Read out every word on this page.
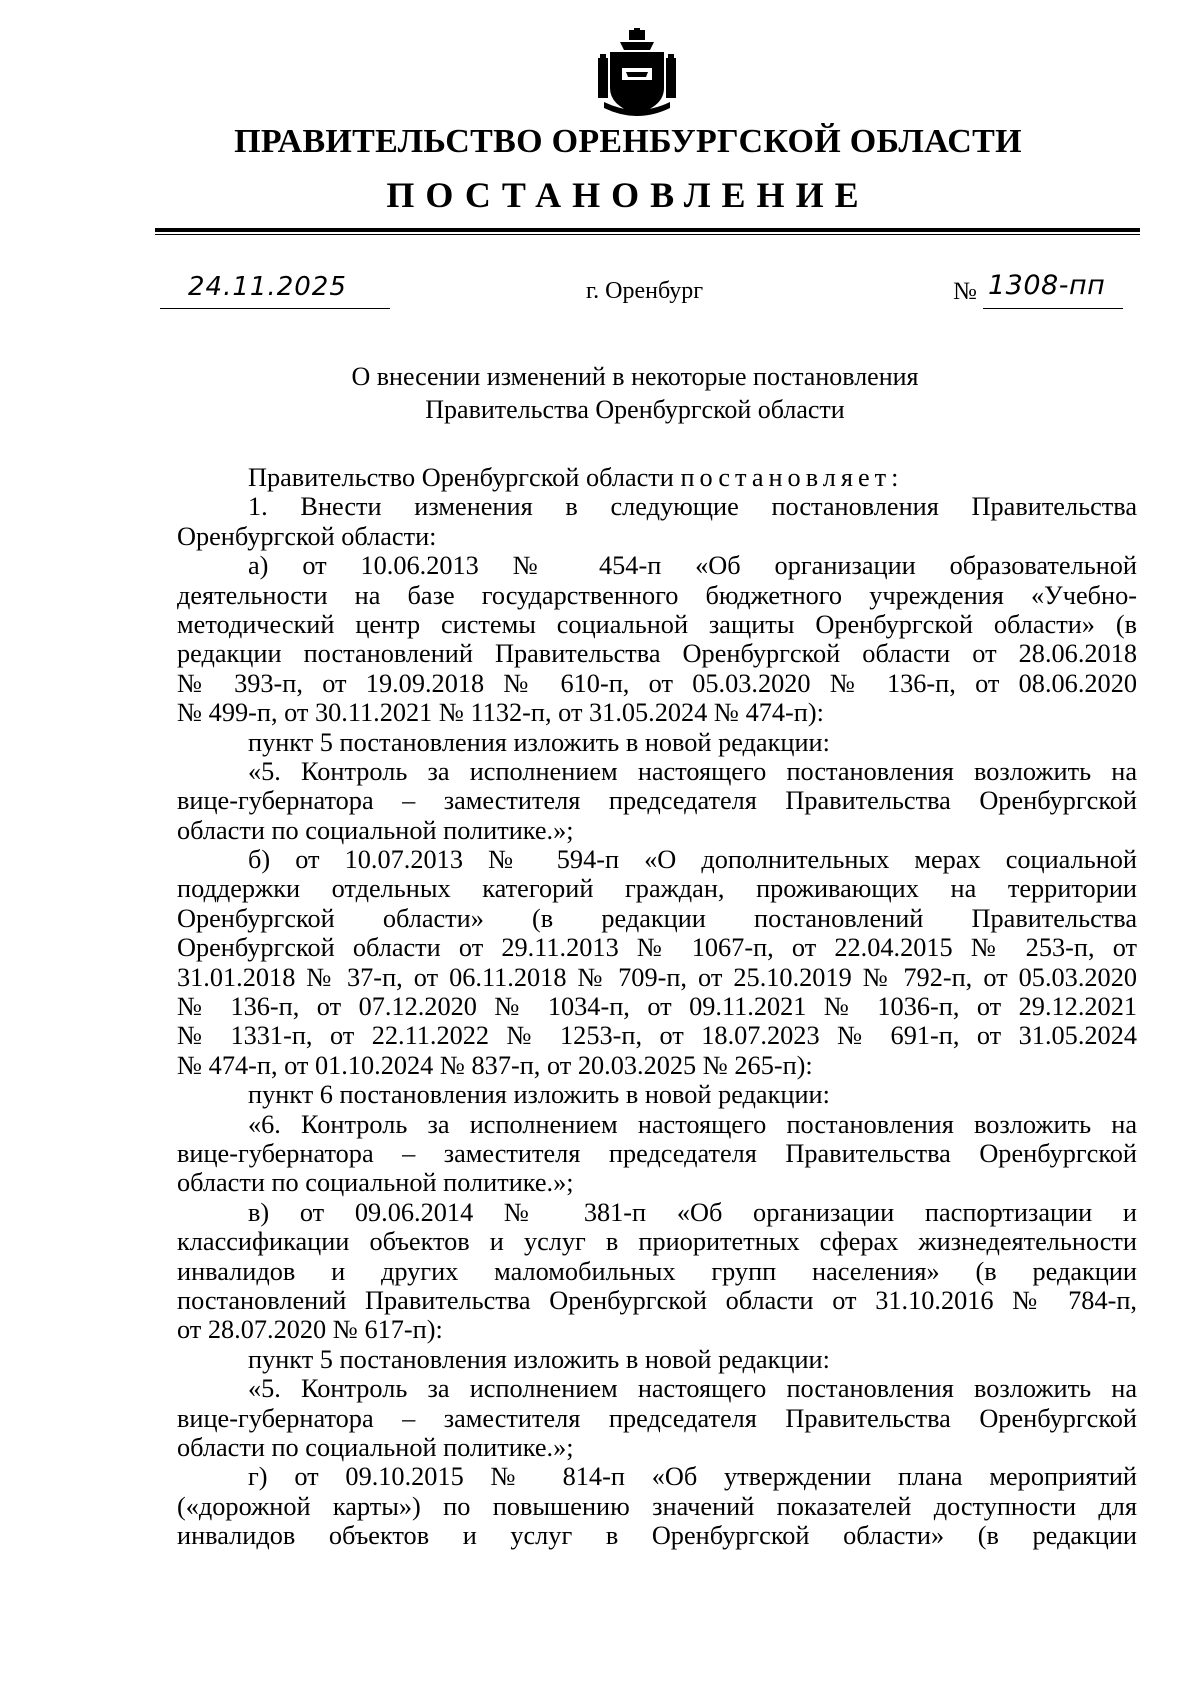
ПРАВИТЕЛЬСТВО ОРЕНБУРГСКОЙ ОБЛАСТИ
ПОСТАНОВЛЕНИЕ
24.11.2025	г. Оренбург	№ 1308-пп
О внесении изменений в некоторые постановления
Правительства Оренбургской области
Правительство Оренбургской области постановляет:
1. Внести изменения в следующие постановления Правительства
Оренбургской области:
а) от 10.06.2013 № 454-п «Об организации образовательной
деятельности на базе государственного бюджетного учреждения «Учебно-
методический центр системы социальной защиты Оренбургской области» (в
редакции постановлений Правительства Оренбургской области от 28.06.2018
№ 393-п, от 19.09.2018 № 610-п, от 05.03.2020 № 136-п, от 08.06.2020
№ 499-п, от 30.11.2021 № 1132-п, от 31.05.2024 № 474-п):
пункт 5 постановления изложить в новой редакции:
«5. Контроль за исполнением настоящего постановления возложить на
вице-губернатора – заместителя председателя Правительства Оренбургской
области по социальной политике.»;
б) от 10.07.2013 № 594-п «О дополнительных мерах социальной
поддержки отдельных категорий граждан, проживающих на территории
Оренбургской области» (в редакции постановлений Правительства
Оренбургской области от 29.11.2013 № 1067-п, от 22.04.2015 № 253-п, от
31.01.2018 № 37-п, от 06.11.2018 № 709-п, от 25.10.2019 № 792-п, от 05.03.2020
№ 136-п, от 07.12.2020 № 1034-п, от 09.11.2021 № 1036-п, от 29.12.2021
№ 1331-п, от 22.11.2022 № 1253-п, от 18.07.2023 № 691-п, от 31.05.2024
№ 474-п, от 01.10.2024 № 837-п, от 20.03.2025 № 265-п):
пункт 6 постановления изложить в новой редакции:
«6. Контроль за исполнением настоящего постановления возложить на
вице-губернатора – заместителя председателя Правительства Оренбургской
области по социальной политике.»;
в) от 09.06.2014 № 381-п «Об организации паспортизации и
классификации объектов и услуг в приоритетных сферах жизнедеятельности
инвалидов и других маломобильных групп населения» (в редакции
постановлений Правительства Оренбургской области от 31.10.2016 № 784-п,
от 28.07.2020 № 617-п):
пункт 5 постановления изложить в новой редакции:
«5. Контроль за исполнением настоящего постановления возложить на
вице-губернатора – заместителя председателя Правительства Оренбургской
области по социальной политике.»;
г) от 09.10.2015 № 814-п «Об утверждении плана мероприятий
(«дорожной карты») по повышению значений показателей доступности для
инвалидов объектов и услуг в Оренбургской области» (в редакции
